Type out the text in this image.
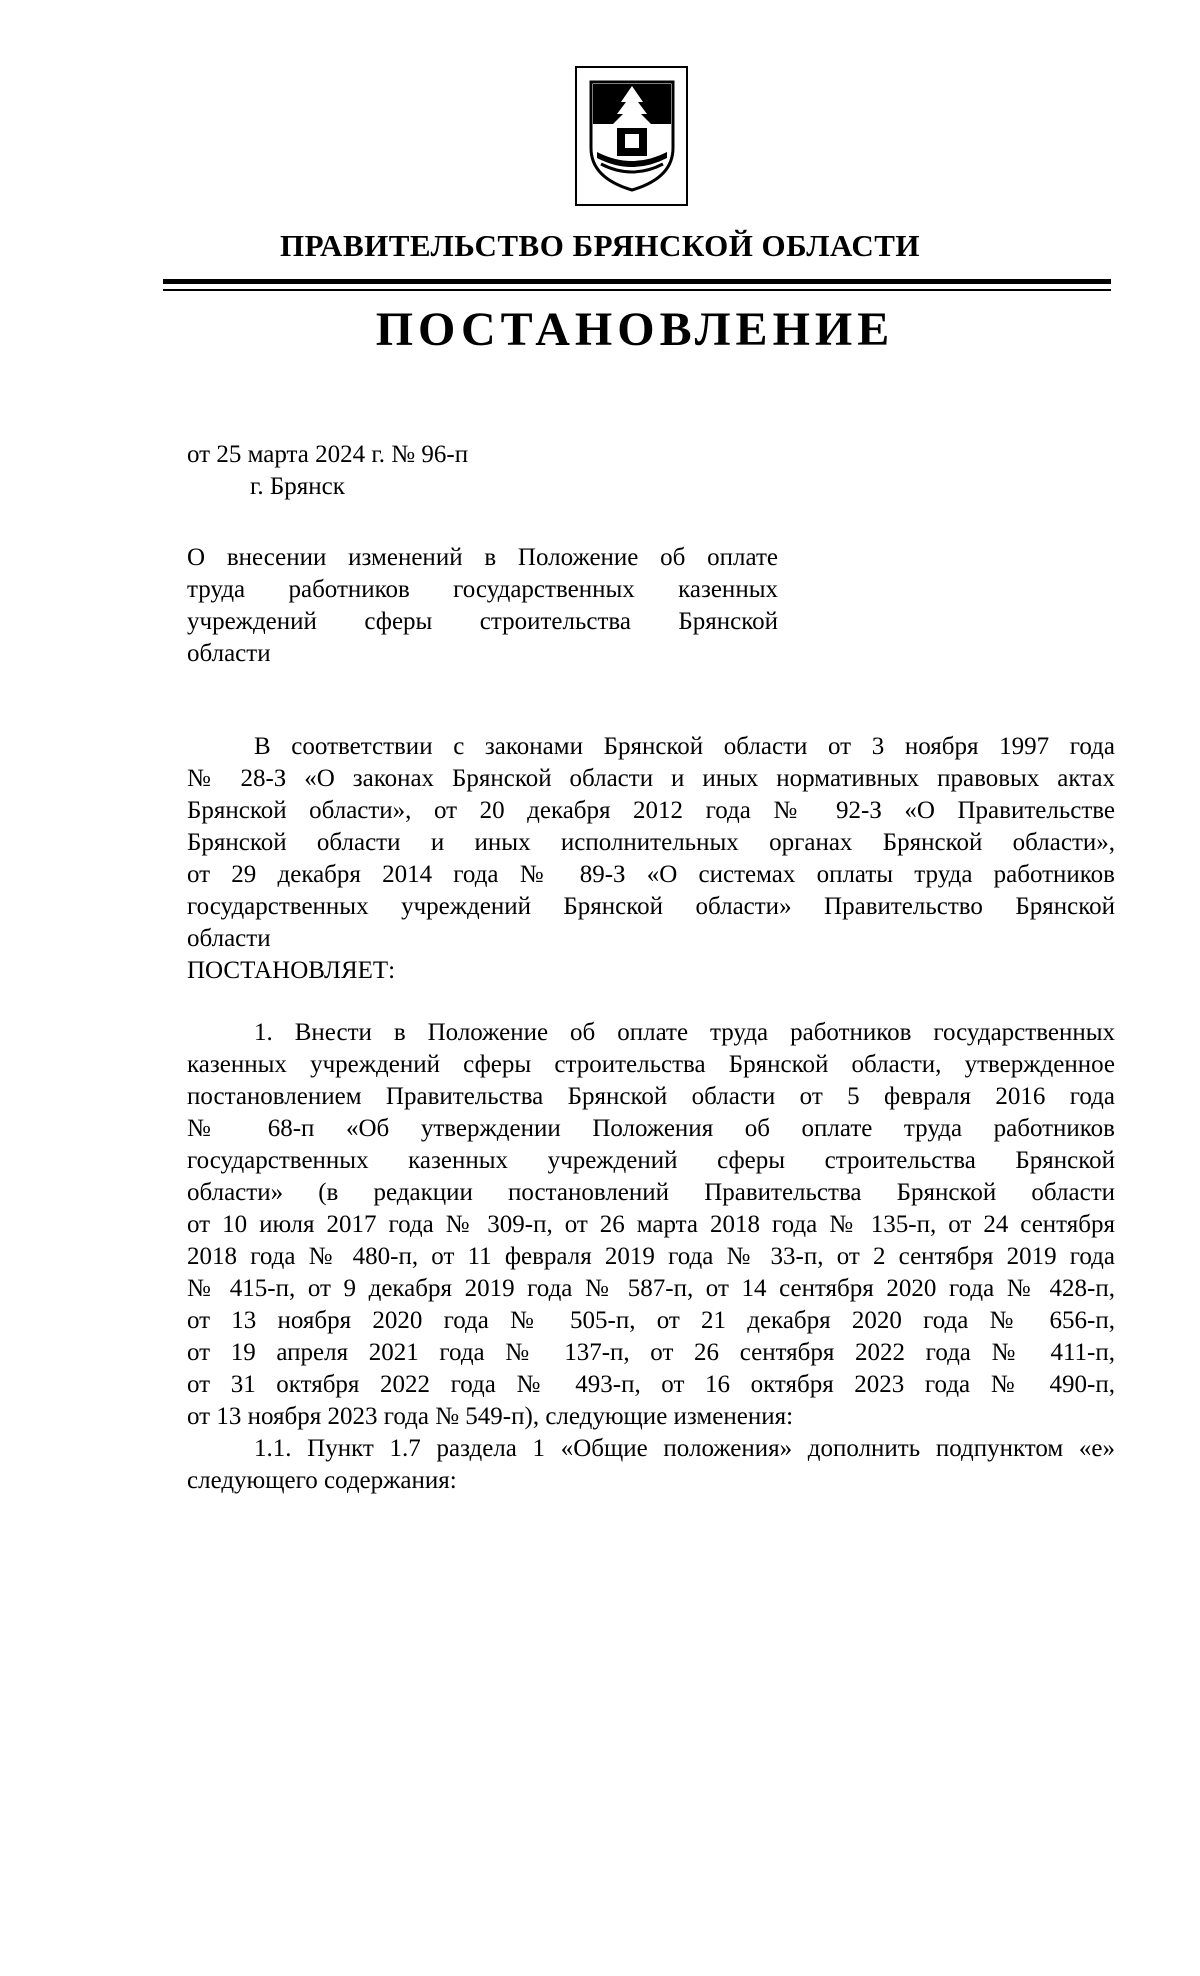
ПРАВИТЕЛЬСТВО БРЯНСКОЙ ОБЛАСТИ
ПОСТАНОВЛЕНИЕ
от 25 марта 2024 г. № 96-п
г. Брянск
О внесении изменений в Положение об оплате
труда работников государственных казенных
учреждений сферы строительства Брянской
области
В соответствии с законами Брянской области от 3 ноября 1997 года
№ 28-З «О законах Брянской области и иных нормативных правовых актах
Брянской области», от 20 декабря 2012 года № 92-З «О Правительстве
Брянской области и иных исполнительных органах Брянской области»,
от 29 декабря 2014 года № 89-З «О системах оплаты труда работников
государственных учреждений Брянской области» Правительство Брянской
области
ПОСТАНОВЛЯЕТ:
1. Внести в Положение об оплате труда работников государственных
казенных учреждений сферы строительства Брянской области, утвержденное
постановлением Правительства Брянской области от 5 февраля 2016 года
№ 68-п «Об утверждении Положения об оплате труда работников
государственных казенных учреждений сферы строительства Брянской
области» (в редакции постановлений Правительства Брянской области
от 10 июля 2017 года № 309-п, от 26 марта 2018 года № 135-п, от 24 сентября
2018 года № 480-п, от 11 февраля 2019 года № 33-п, от 2 сентября 2019 года
№ 415-п, от 9 декабря 2019 года № 587-п, от 14 сентября 2020 года № 428-п,
от 13 ноября 2020 года № 505-п, от 21 декабря 2020 года № 656-п,
от 19 апреля 2021 года № 137-п, от 26 сентября 2022 года № 411-п,
от 31 октября 2022 года № 493-п, от 16 октября 2023 года № 490-п,
от 13 ноября 2023 года № 549-п), следующие изменения:
1.1. Пункт 1.7 раздела 1 «Общие положения» дополнить подпунктом «е»
следующего содержания:
